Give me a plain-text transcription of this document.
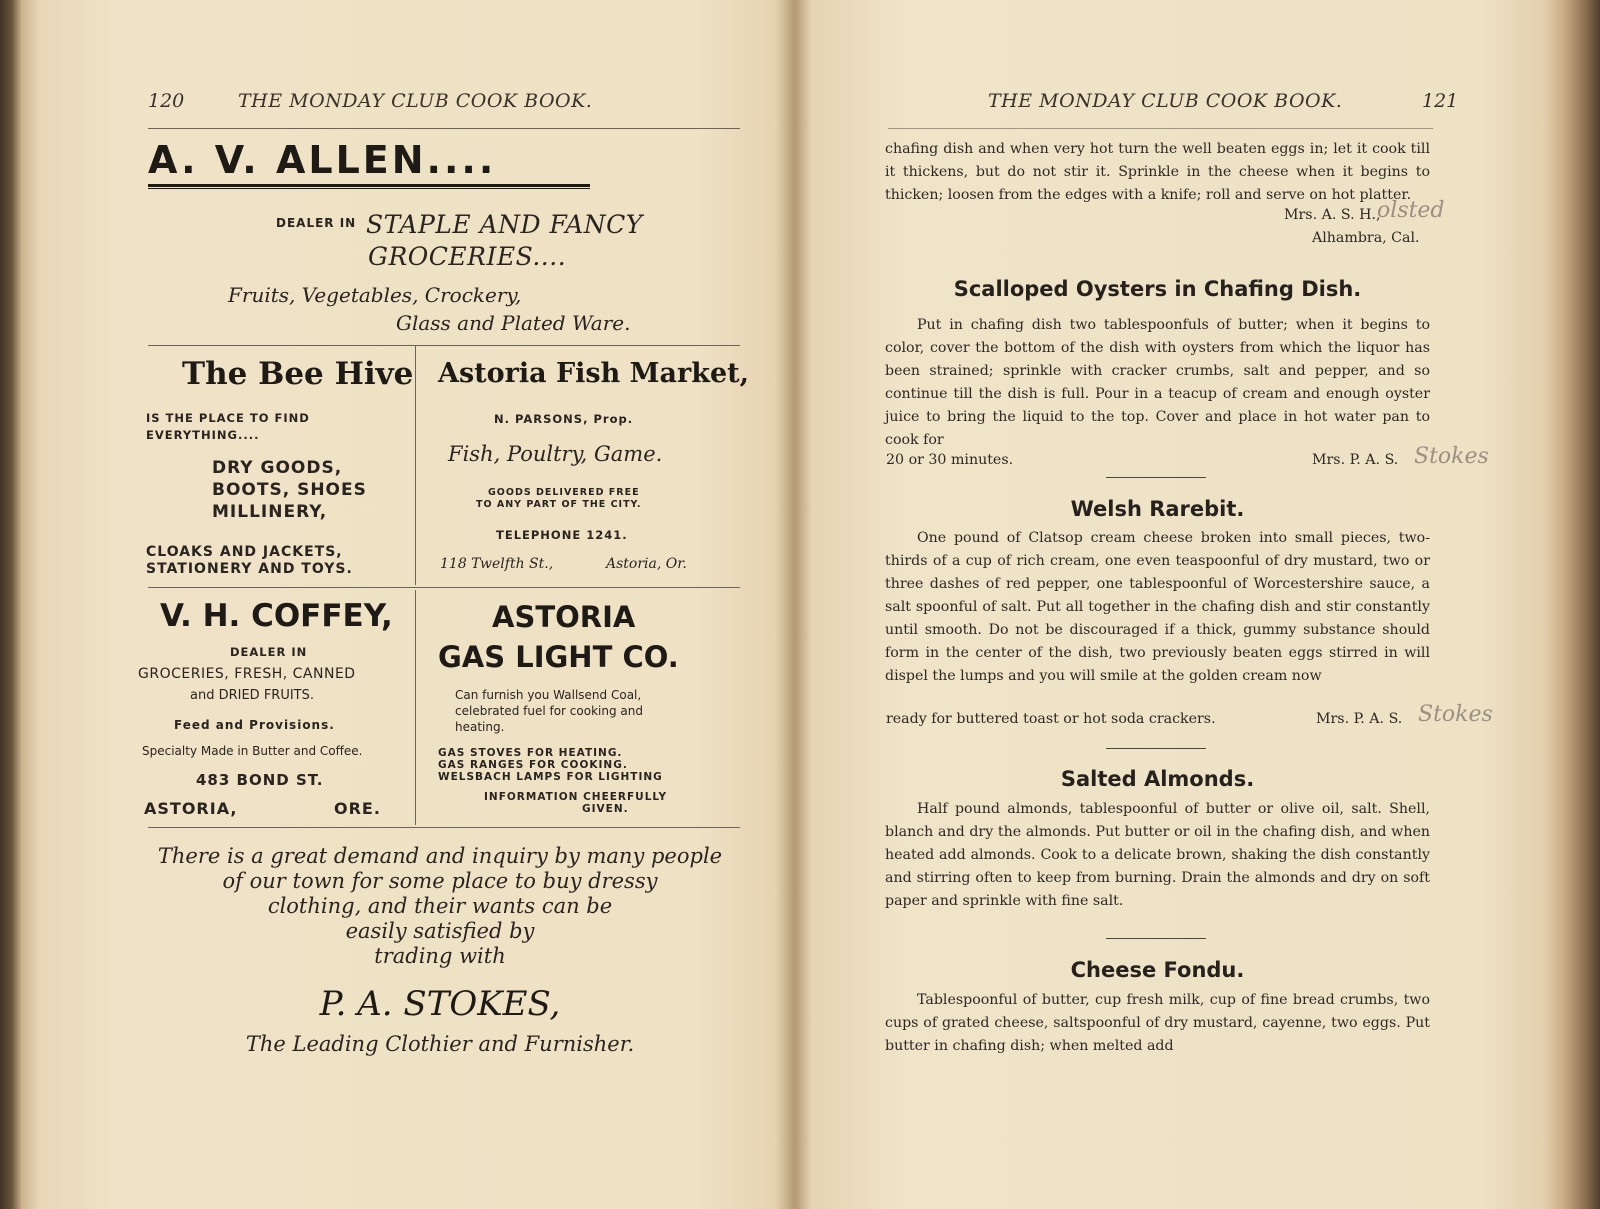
120	THE MONDAY CLUB COOK BOOK.
A. V. ALLEN....
DEALER IN STAPLE AND FANCY
GROCERIES....
Fruits, Vegetables, Crockery,
Glass and Plated Ware.
The Bee Hive
IS THE PLACE TO FIND
EVERYTHING....
DRY GOODS,
BOOTS, SHOES
MILLINERY,
CLOAKS AND JACKETS,
STATIONERY AND TOYS.
Astoria Fish Market,
N. PARSONS, Prop.
Fish, Poultry, Game.
GOODS DELIVERED FREE
TO ANY PART OF THE CITY.
TELEPHONE 1241.
118 Twelfth St.,	Astoria, Or.
V. H. COFFEY,
DEALER IN
GROCERIES, FRESH, CANNED
and DRIED FRUITS.
Feed and Provisions.
Specialty Made in Butter and Coffee.
483 BOND ST.
ASTORIA,	ORE.
ASTORIA
GAS LIGHT CO.
Can furnish you Wallsend Coal,
celebrated fuel for cooking and
heating.
GAS STOVES FOR HEATING.
GAS RANGES FOR COOKING.
WELSBACH LAMPS FOR LIGHTING
INFORMATION CHEERFULLY
GIVEN.
There is a great demand and inquiry by many people
of our town for some place to buy dressy
clothing, and their wants can be
easily satisfied by
trading with
P. A. STOKES,
The Leading Clothier and Furnisher.
THE MONDAY CLUB COOK BOOK.	121
chafing dish and when very hot turn the well beaten eggs in; let it cook till it thickens, but do not stir it. Sprinkle in the cheese when it begins to thicken; loosen from the edges with a knife; roll and serve on hot platter.
Mrs. A. S. H.,
olsted
Alhambra, Cal.
Scalloped Oysters in Chafing Dish.
Put in chafing dish two tablespoonfuls of butter; when it begins to color, cover the bottom of the dish with oysters from which the liquor has been strained; sprinkle with cracker crumbs, salt and pepper, and so continue till the dish is full. Pour in a teacup of cream and enough oyster juice to bring the liquid to the top. Cover and place in hot water pan to cook for
20 or 30 minutes.	Mrs. P. A. S. Stokes
Welsh Rarebit.
One pound of Clatsop cream cheese broken into small pieces, two-thirds of a cup of rich cream, one even teaspoonful of dry mustard, two or three dashes of red pepper, one tablespoonful of Worcestershire sauce, a salt spoonful of salt. Put all together in the chafing dish and stir constantly until smooth. Do not be discouraged if a thick, gummy substance should form in the center of the dish, two previously beaten eggs stirred in will dispel the lumps and you will smile at the golden cream now
ready for buttered toast or hot soda crackers.	Mrs. P. A. S. Stokes
Salted Almonds.
Half pound almonds, tablespoonful of butter or olive oil, salt. Shell, blanch and dry the almonds. Put butter or oil in the chafing dish, and when heated add almonds. Cook to a delicate brown, shaking the dish constantly and stirring often to keep from burning. Drain the almonds and dry on soft paper and sprinkle with fine salt.
Cheese Fondu.
Tablespoonful of butter, cup fresh milk, cup of fine bread crumbs, two cups of grated cheese, saltspoonful of dry mustard, cayenne, two eggs. Put butter in chafing dish; when melted add
